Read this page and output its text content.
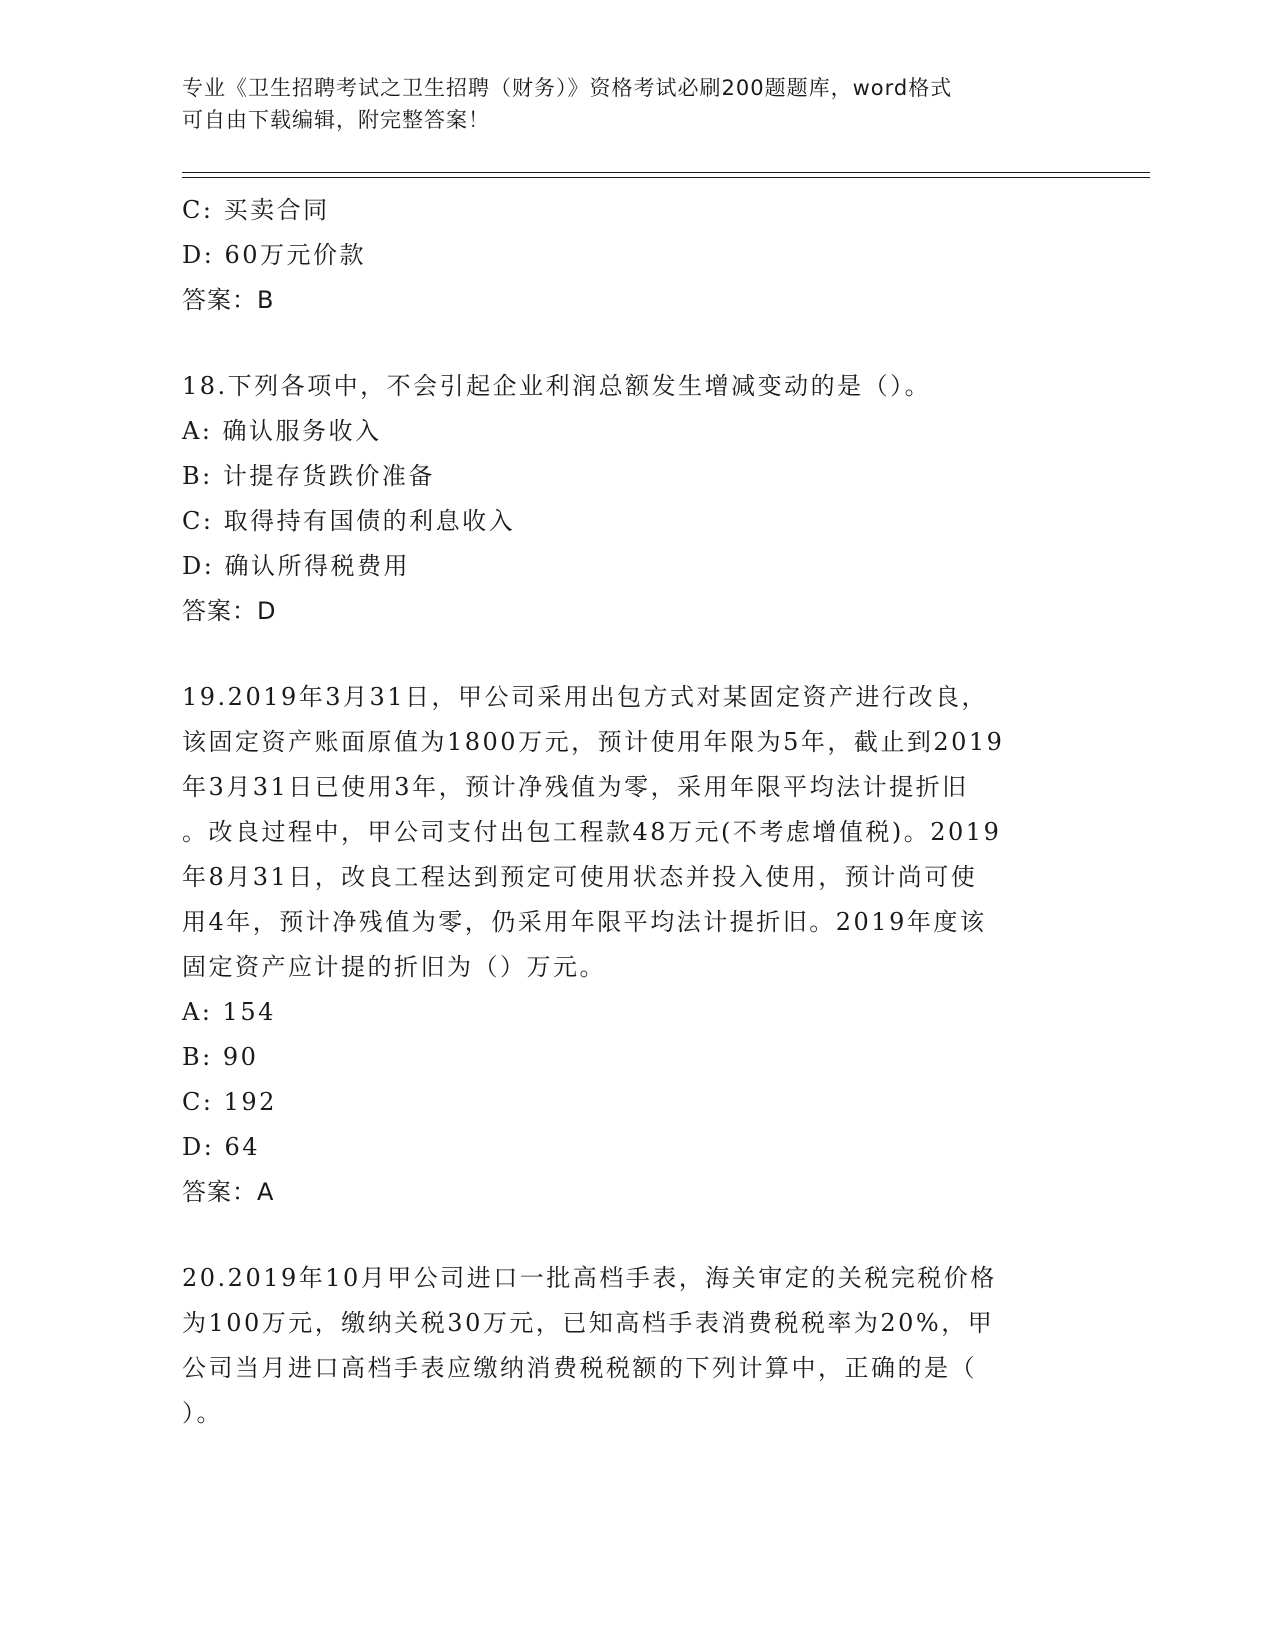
专业《卫生招聘考试之卫生招聘（财务）》资格考试必刷200题题库，word格式
可自由下载编辑，附完整答案！
C: 买卖合同
D: 60万元价款
答案：B
18.下列各项中，不会引起企业利润总额发生增减变动的是（）。
A: 确认服务收入
B: 计提存货跌价准备
C: 取得持有国债的利息收入
D: 确认所得税费用
答案：D
19.2019年3月31日，甲公司采用出包方式对某固定资产进行改良，
该固定资产账面原值为1800万元，预计使用年限为5年，截止到2019
年3月31日已使用3年，预计净残值为零，采用年限平均法计提折旧
。改良过程中，甲公司支付出包工程款48万元(不考虑增值税)。2019
年8月31日，改良工程达到预定可使用状态并投入使用，预计尚可使
用4年，预计净残值为零，仍采用年限平均法计提折旧。2019年度该
固定资产应计提的折旧为（）万元。
A: 154
B: 90
C: 192
D: 64
答案：A
20.2019年10月甲公司进口一批高档手表，海关审定的关税完税价格
为100万元，缴纳关税30万元，已知高档手表消费税税率为20%，甲
公司当月进口高档手表应缴纳消费税税额的下列计算中，正确的是（
）。
